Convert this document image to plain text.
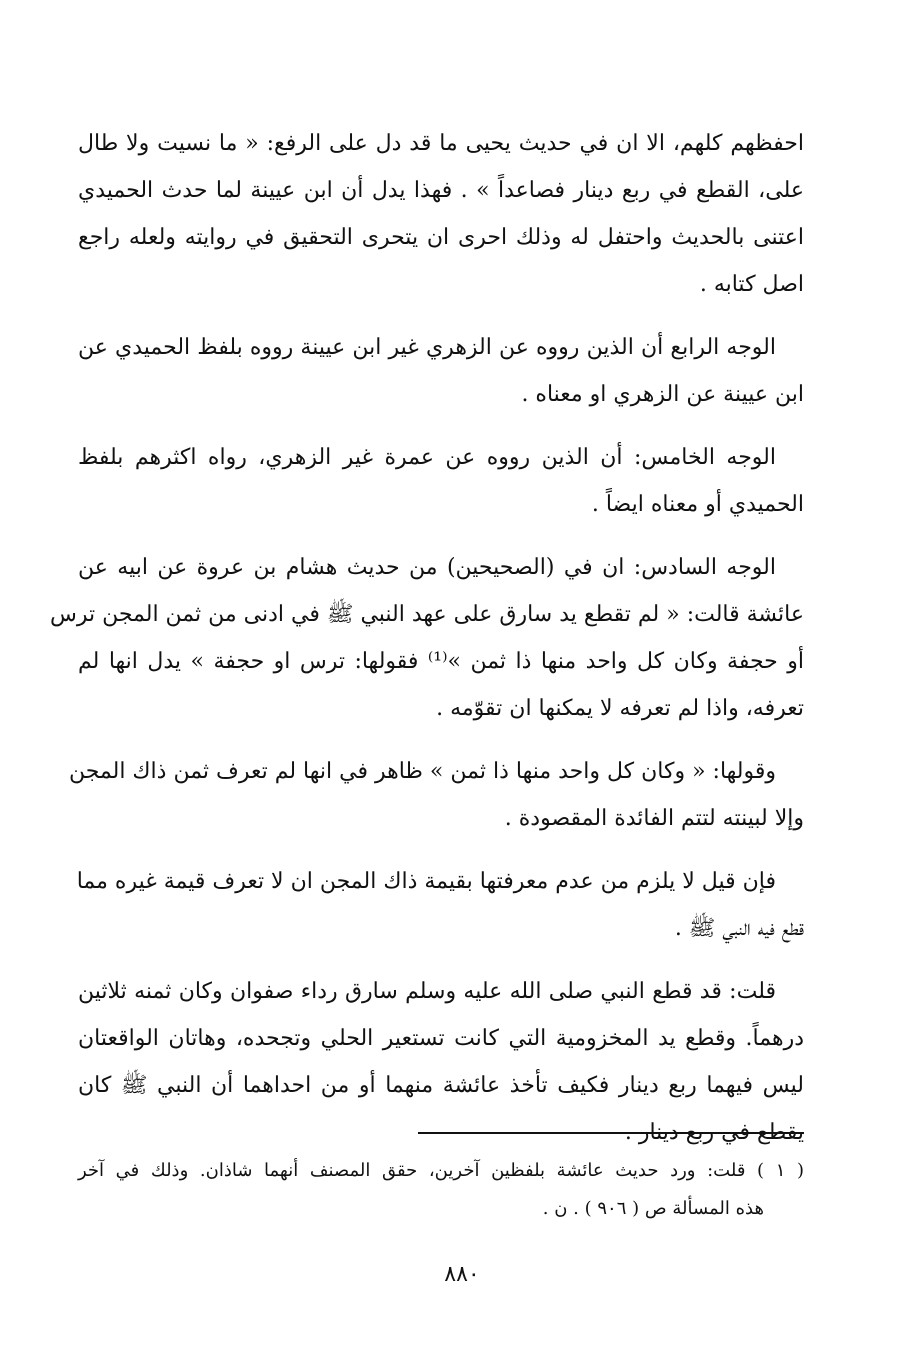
احفظهم كلهم، الا ان في حديث يحيى ما قد دل على الرفع: « ما نسيت ولا طال
على، القطع في ربع دينار فصاعداً » . فهذا يدل أن ابن عيينة لما حدث الحميدي
اعتنى بالحديث واحتفل له وذلك احرى ان يتحرى التحقيق في روايته ولعله راجع
اصل كتابه .
الوجه الرابع أن الذين رووه عن الزهري غير ابن عيينة رووه بلفظ الحميدي عن
ابن عيينة عن الزهري او معناه .
الوجه الخامس: أن الذين رووه عن عمرة غير الزهري، رواه اكثرهم بلفظ
الحميدي أو معناه ايضاً .
الوجه السادس: ان في (الصحيحين) من حديث هشام بن عروة عن ابيه عن
عائشة قالت: « لم تقطع يد سارق على عهد النبي ﷺ في ادنى من ثمن المجن ترس
أو حجفة وكان كل واحد منها ذا ثمن »⁽¹⁾ فقولها: ترس او حجفة » يدل انها لم
تعرفه، واذا لم تعرفه لا يمكنها ان تقوّمه .
وقولها: « وكان كل واحد منها ذا ثمن » ظاهر في انها لم تعرف ثمن ذاك المجن
وإلا لبينته لتتم الفائدة المقصودة .
فإن قيل لا يلزم من عدم معرفتها بقيمة ذاك المجن ان لا تعرف قيمة غيره مما
قطع فيه النبي ﷺ .
قلت: قد قطع النبي صلى الله عليه وسلم سارق رداء صفوان وكان ثمنه ثلاثين
درهماً. وقطع يد المخزومية التي كانت تستعير الحلي وتجحده، وهاتان الواقعتان
ليس فيهما ربع دينار فكيف تأخذ عائشة منهما أو من احداهما أن النبي ﷺ كان
يقطع في ربع دينار .
( ١ ) قلت: ورد حديث عائشة بلفظين آخرين، حقق المصنف أنهما شاذان. وذلك في آخر
هذه المسألة ص ( ٩٠٦ ) . ن .
٨٨٠
